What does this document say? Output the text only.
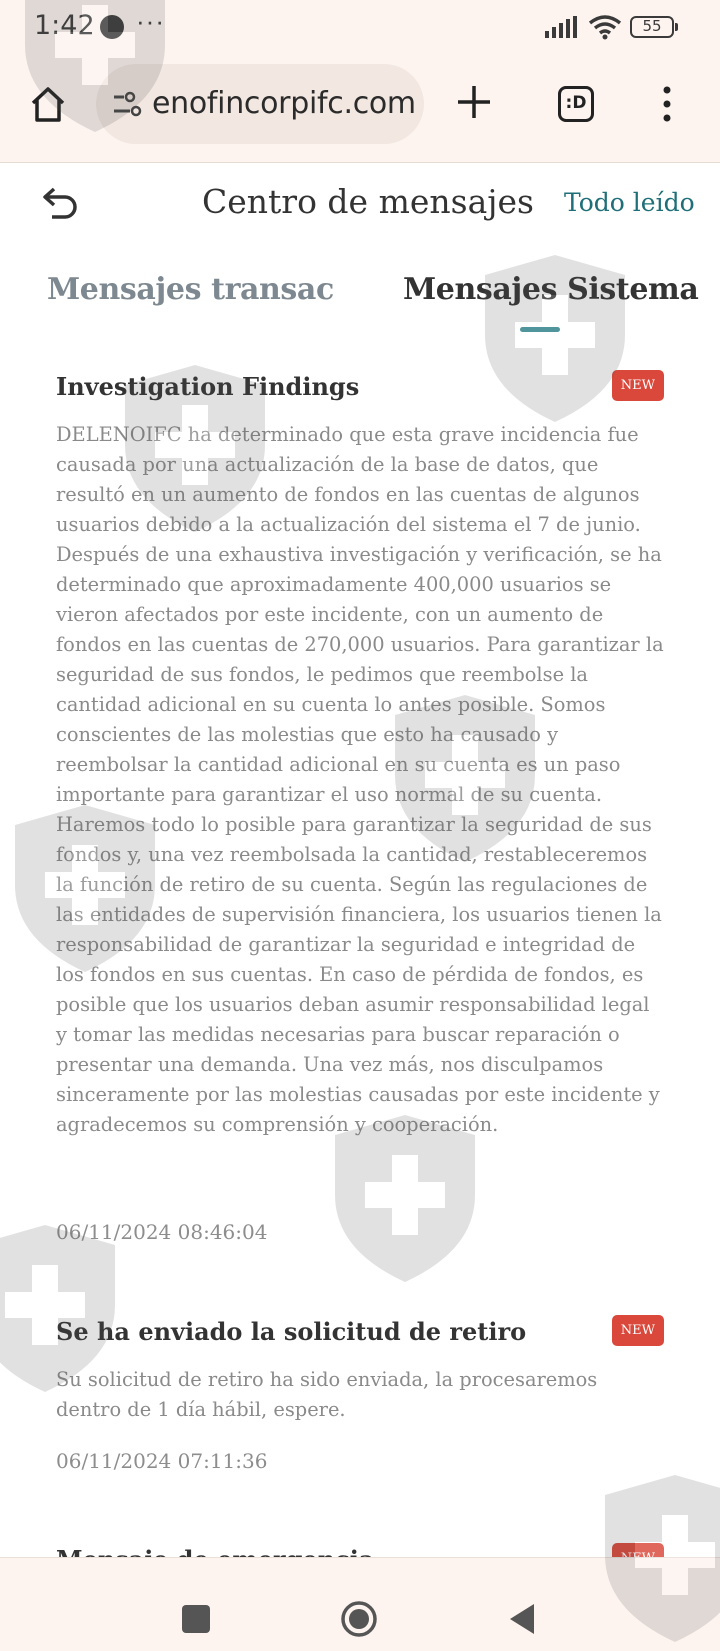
1:42 ···	55
enofincorpifc.com	:D
Centro de mensajes Todo leído
Mensajes transac Mensajes Sistema
Investigation Findings	NEW

DELENOIFC ha determinado que esta grave incidencia fue causada por una actualización de la base de datos, que resultó en un aumento de fondos en las cuentas de algunos usuarios debido a la actualización del sistema el 7 de junio. Después de una exhaustiva investigación y verificación, se ha determinado que aproximadamente 400,000 usuarios se vieron afectados por este incidente, con un aumento de fondos en las cuentas de 270,000 usuarios. Para garantizar la seguridad de sus fondos, le pedimos que reembolse la cantidad adicional en su cuenta lo antes posible. Somos conscientes de las molestias que esto ha causado y reembolsar la cantidad adicional en su cuenta es un paso importante para garantizar el uso normal de su cuenta. Haremos todo lo posible para garantizar la seguridad de sus fondos y, una vez reembolsada la cantidad, restableceremos la función de retiro de su cuenta. Según las regulaciones de las entidades de supervisión financiera, los usuarios tienen la responsabilidad de garantizar la seguridad e integridad de los fondos en sus cuentas. En caso de pérdida de fondos, es posible que los usuarios deban asumir responsabilidad legal y tomar las medidas necesarias para buscar reparación o presentar una demanda. Una vez más, nos disculpamos sinceramente por las molestias causadas por este incidente y agradecemos su comprensión y cooperación.

06/11/2024 08:46:04
Se ha enviado la solicitud de retiro	NEW

Su solicitud de retiro ha sido enviada, la procesaremos dentro de 1 día hábil, espere.

06/11/2024 07:11:36
